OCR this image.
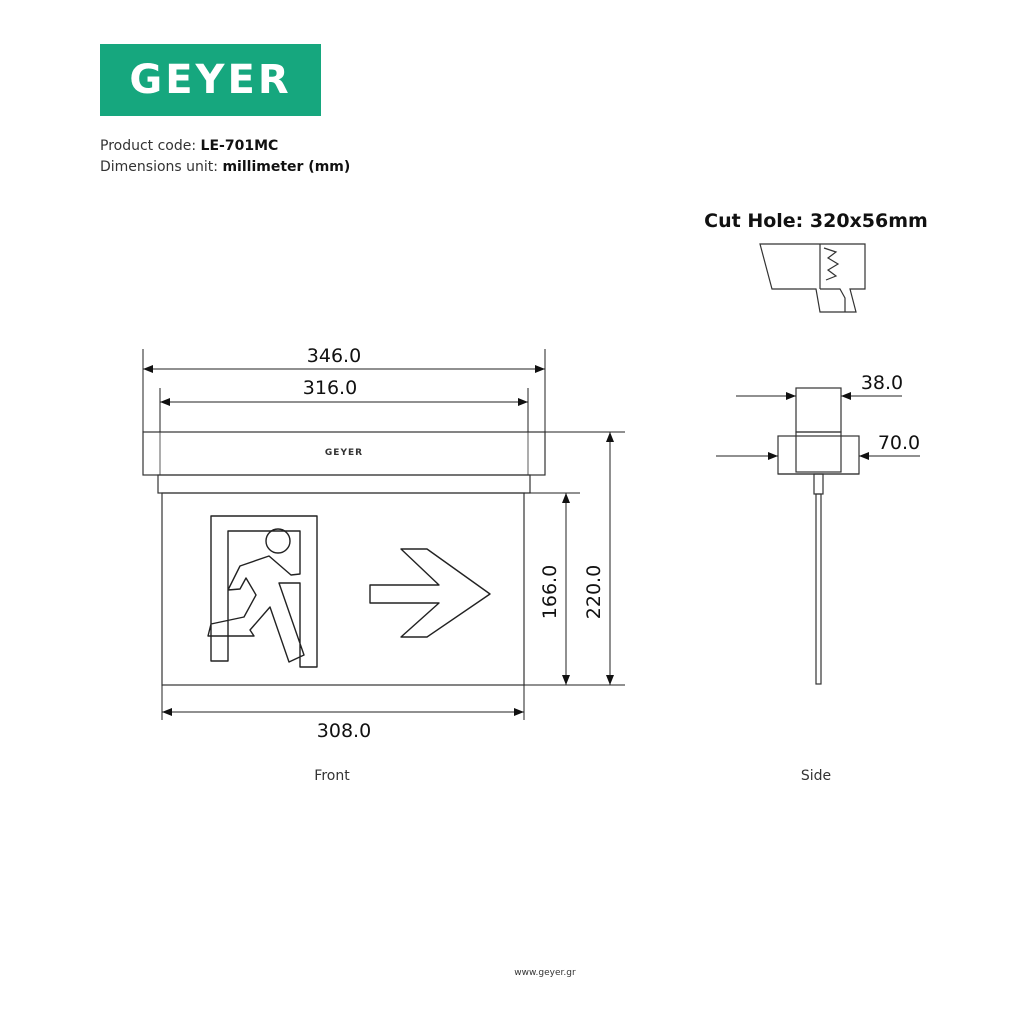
GEYER
Product code: LE-701MC
Dimensions unit: millimeter (mm)
GEYER
346.0
316.0
308.0
166.0 220.0
Front
Cut Hole: 320x56mm
38.0
70.0
Side
www.geyer.gr
